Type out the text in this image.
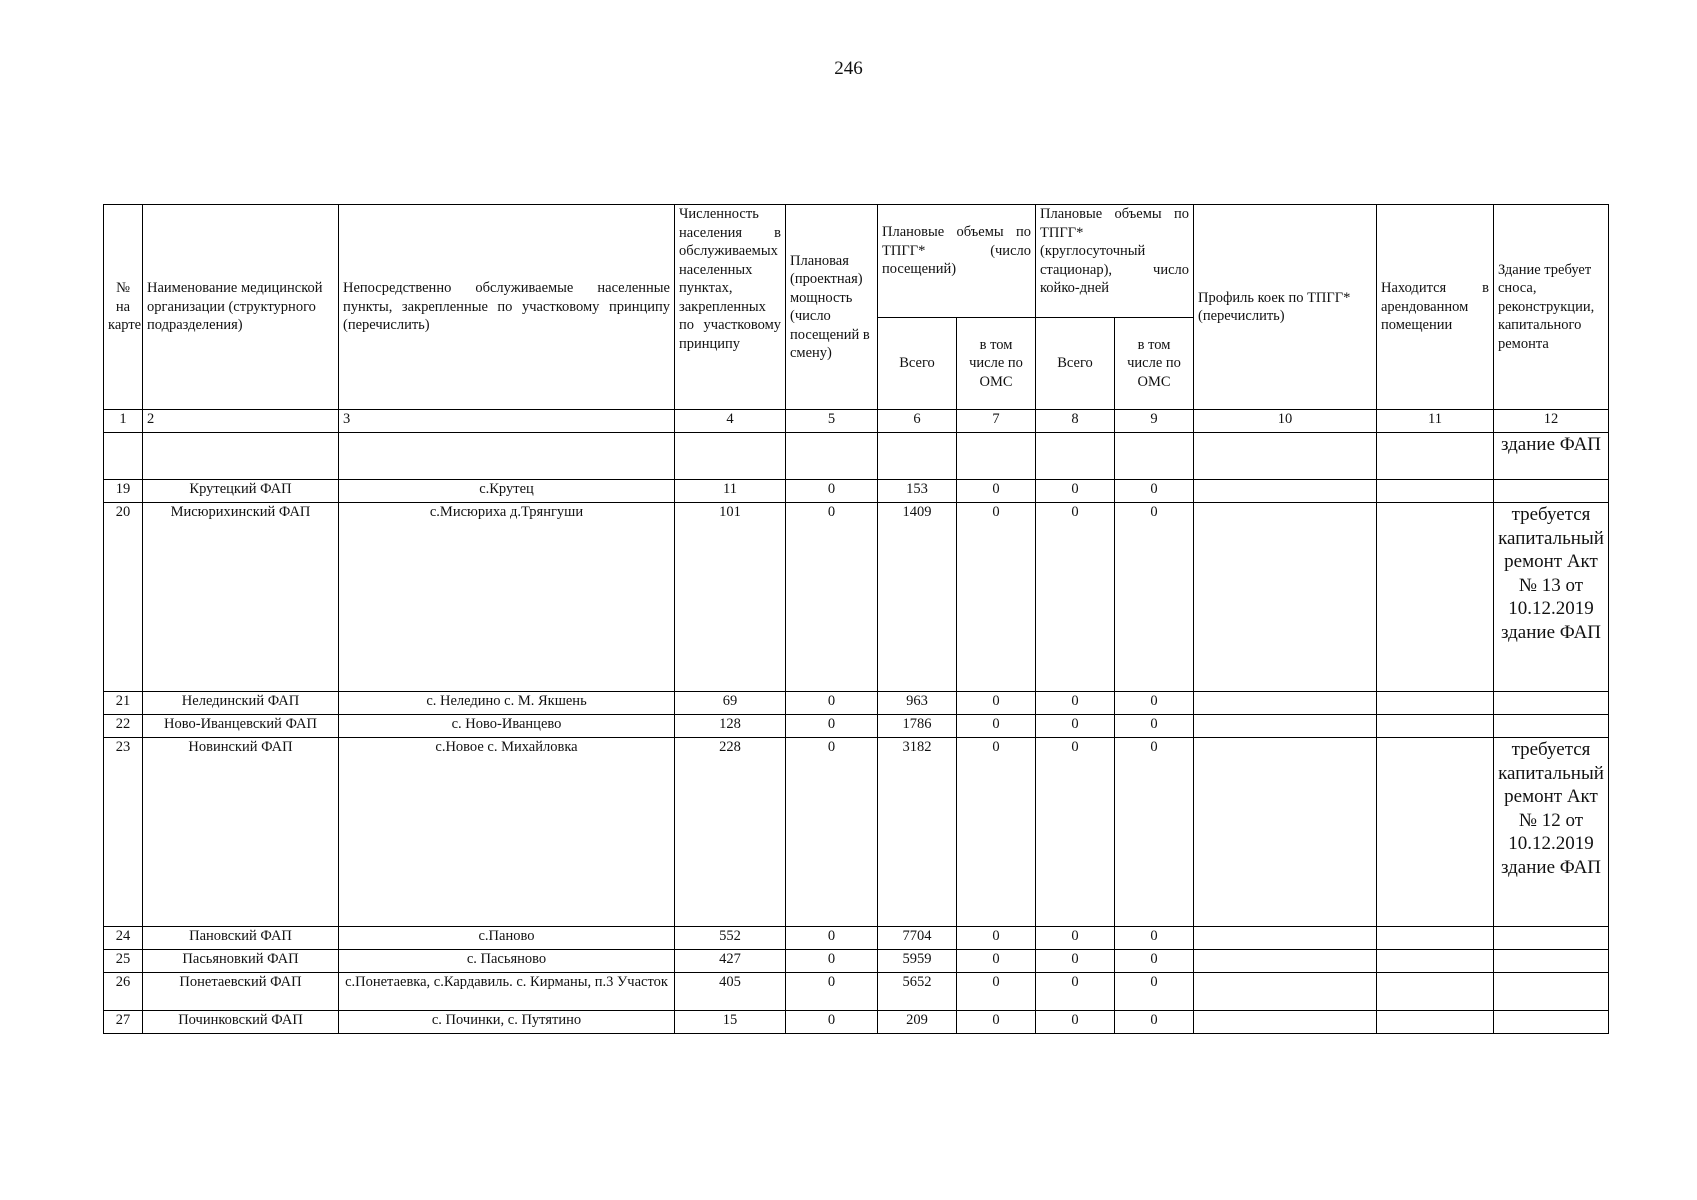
246
№ на карте	Наименование медицинской организации (структурного подразделения)	Непосредственно обслуживаемые населенные пункты, закрепленные по участковому принципу (перечислить)	Численность населения в обслуживаемых населенных пунктах, закрепленных по участковому принципу	Плановая (проектная) мощность (число посещений в смену)	Плановые объемы по ТПГГ* (число посещений)		Плановые объемы по ТПГГ* (круглосуточный стационар), число койко-дней		Профиль коек по ТПГГ* (перечислить)	Находится в арендованном помещении	Здание требует сноса, реконструкции, капитального ремонта
					Всего	в том числе по ОМС	Всего	в том числе по ОМС			
1	2	3	4	5	6	7	8	9	10	11	12
											здание ФАП
19	Крутецкий ФАП	с.Крутец	11	0	153	0	0	0			
20	Мисюрихинский ФАП	с.Мисюриха д.Трянгуши	101	0	1409	0	0	0			требуется капитальный ремонт Акт № 13 от 10.12.2019 здание ФАП
21	Нелединский ФАП	с. Неледино с. М. Якшень	69	0	963	0	0	0			
22	Ново-Иванцевский ФАП	с. Ново-Иванцево	128	0	1786	0	0	0			
23	Новинский ФАП	с.Новое с. Михайловка	228	0	3182	0	0	0			требуется капитальный ремонт Акт № 12 от 10.12.2019 здание ФАП
24	Пановский ФАП	с.Паново	552	0	7704	0	0	0			
25	Пасьяновкий ФАП	с. Пасьяново	427	0	5959	0	0	0			
26	Понетаевский ФАП	с.Понетаевка, с.Кардавиль. с. Кирманы, п.3 Участок	405	0	5652	0	0	0			
27	Починковский ФАП	с. Починки, с. Путятино	15	0	209	0	0	0			
